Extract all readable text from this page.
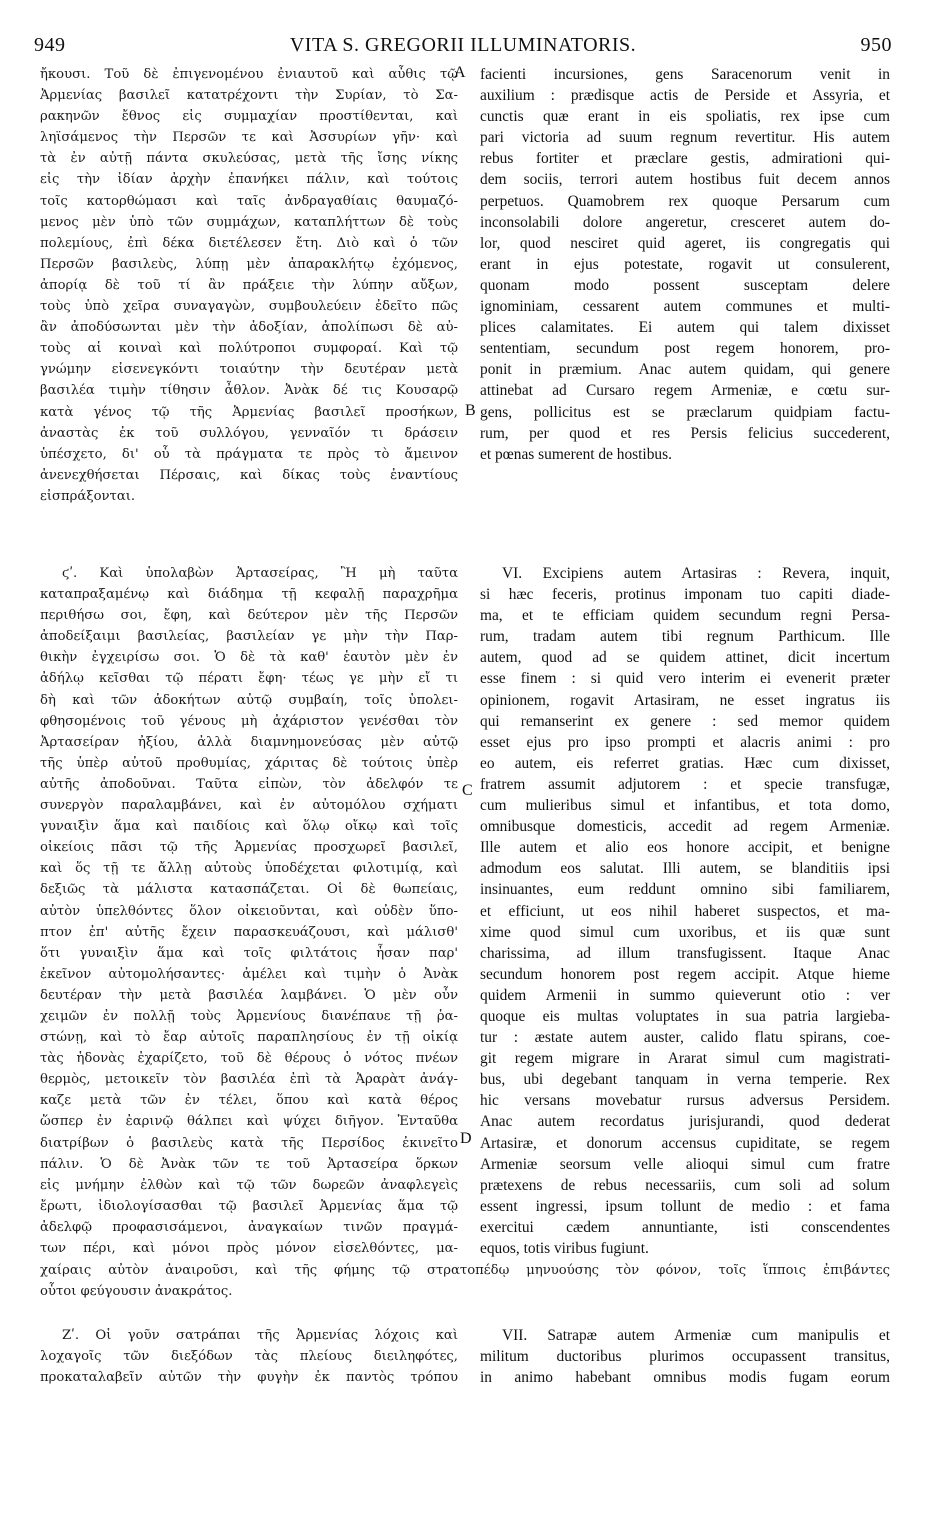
VITA S. GREGORII ILLUMINATORIS.
949	950
ἤκουσι. Τοῦ δὲ ἐπιγενομένου ἐνιαυτοῦ καὶ αὖθις τῷ
Ἀρμενίας βασιλεῖ κατατρέχοντι τὴν Συρίαν, τὸ Σα-
ρακηνῶν ἔθνος εἰς συμμαχίαν προστίθενται, καὶ
ληϊσάμενος τὴν Περσῶν τε καὶ Ἀσσυρίων γῆν· καὶ
τὰ ἐν αὐτῇ πάντα σκυλεύσας, μετὰ τῆς ἴσης νίκης
εἰς τὴν ἰδίαν ἀρχὴν ἐπανήκει πάλιν, καὶ τούτοις
τοῖς κατορθώμασι καὶ ταῖς ἀνδραγαθίαις θαυμαζό-
μενος μὲν ὑπὸ τῶν συμμάχων, καταπλήττων δὲ τοὺς
πολεμίους, ἐπὶ δέκα διετέλεσεν ἔτη. Διὸ καὶ ὁ τῶν
Περσῶν βασιλεὺς, λύπῃ μὲν ἀπαρακλήτῳ ἐχόμενος,
ἀπορίᾳ δὲ τοῦ τί ἂν πράξειε τὴν λύπην αὔξων,
τοὺς ὑπὸ χεῖρα συναγαγὼν, συμβουλεύειν ἐδεῖτο πῶς
ἂν ἀποδύσωνται μὲν τὴν ἀδοξίαν, ἀπολίπωσι δὲ αὐ-
τοὺς αἱ κοιναὶ καὶ πολύτροποι συμφοραί. Καὶ τῷ
γνώμην εἰσενεγκόντι τοιαύτην τὴν δευτέραν μετὰ
βασιλέα τιμὴν τίθησιν ἆθλον. Ἀνὰκ δέ τις Κουσαρῷ
κατὰ γένος τῷ τῆς Ἀρμενίας βασιλεῖ προσήκων,
ἀναστὰς ἐκ τοῦ συλλόγου, γενναῖόν τι δράσειν
ὑπέσχετο, δι' οὗ τὰ πράγματα τε πρὸς τὸ ἄμεινον
ἀνενεχθήσεται Πέρσαις, καὶ δίκας τοὺς ἐναντίους
εἰσπράξονται.
ϛʹ. Καὶ ὑπολαβὼν Ἀρτασείρας, Ἢ μὴ ταῦτα
καταπραξαμένῳ καὶ διάδημα τῇ κεφαλῇ παραχρῆμα
περιθήσω σοι, ἔφη, καὶ δεύτερον μὲν τῆς Περσῶν
ἀποδείξαιμι βασιλείας, βασιλείαν γε μὴν τὴν Παρ-
θικὴν ἐγχειρίσω σοι. Ὁ δὲ τὰ καθ' ἑαυτὸν μὲν ἐν
ἀδήλῳ κεῖσθαι τῷ πέρατι ἔφη· τέως γε μὴν εἴ τι
δὴ καὶ τῶν ἀδοκήτων αὐτῷ συμβαίη, τοῖς ὑπολει-
φθησομένοις τοῦ γένους μὴ ἀχάριστον γενέσθαι τὸν
Ἀρτασείραν ἠξίου, ἀλλὰ διαμνημονεύσας μὲν αὐτῷ
τῆς ὑπὲρ αὐτοῦ προθυμίας, χάριτας δὲ τούτοις ὑπὲρ
αὐτῆς ἀποδοῦναι. Ταῦτα εἰπὼν, τὸν ἀδελφόν τε
συνεργὸν παραλαμβάνει, καὶ ἐν αὐτομόλου σχήματι
γυναιξὶν ἅμα καὶ παιδίοις καὶ ὅλῳ οἴκῳ καὶ τοῖς
οἰκείοις πᾶσι τῷ τῆς Ἀρμενίας προσχωρεῖ βασιλεῖ,
καὶ ὅς τῇ τε ἄλλῃ αὐτοὺς ὑποδέχεται φιλοτιμίᾳ, καὶ
δεξιῶς τὰ μάλιστα κατασπάζεται. Οἱ δὲ θωπείαις,
αὐτὸν ὑπελθόντες ὅλον οἰκειοῦνται, καὶ οὐδὲν ὕπο-
πτον ἐπ' αὐτῆς ἔχειν παρασκευάζουσι, καὶ μάλισθ'
ὅτι γυναιξὶν ἅμα καὶ τοῖς φιλτάτοις ἦσαν παρ'
ἐκεῖνον αὐτομολήσαντες· ἀμέλει καὶ τιμὴν ὁ Ἀνὰκ
δευτέραν τὴν μετὰ βασιλέα λαμβάνει. Ὁ μὲν οὖν
χειμῶν ἐν πολλῇ τοὺς Ἀρμενίους διανέπαυε τῇ ῥα-
στώνῃ, καὶ τὸ ἔαρ αὐτοῖς παραπλησίους ἐν τῇ οἰκίᾳ
τὰς ἡδονὰς ἐχαρίζετο, τοῦ δὲ θέρους ὁ νότος πνέων
θερμὸς, μετοικεῖν τὸν βασιλέα ἐπὶ τὰ Ἀραρὰτ ἀνάγ-
καζε μετὰ τῶν ἐν τέλει, ὅπου καὶ κατὰ θέρος
ὥσπερ ἐν ἐαρινῷ θάλπει καὶ ψύχει διῆγον. Ἐνταῦθα
διατρίβων ὁ βασιλεὺς κατὰ τῆς Περσίδος ἐκινεῖτο
πάλιν. Ὁ δὲ Ἀνὰκ τῶν τε τοῦ Ἀρτασείρα ὅρκων
εἰς μνήμην ἐλθὼν καὶ τῷ τῶν δωρεῶν ἀναφλεγεὶς
ἔρωτι, ἰδιολογίσασθαι τῷ βασιλεῖ Ἀρμενίας ἅμα τῷ
ἀδελφῷ προφασισάμενοι, ἀναγκαίων τινῶν πραγμά-
των πέρι, καὶ μόνοι πρὸς μόνον εἰσελθόντες, μα-
χαίραις αὐτὸν ἀναιροῦσι, καὶ τῆς φήμης τῷ στρατοπέδῳ μηνυούσης τὸν φόνον, τοῖς ἵπποις ἐπιβάντες
οὗτοι φεύγουσιν ἀνακράτος.
Ζʹ. Οἱ γοῦν σατράπαι τῆς Ἀρμενίας λόχοις καὶ
λοχαγοῖς τῶν διεξόδων τὰς πλείους διειληφότες,
προκαταλαβεῖν αὐτῶν τὴν φυγὴν ἐκ παντὸς τρόπου
facienti incursiones, gens Saracenorum venit in
auxilium : prædisque actis de Perside et Assyria, et
cunctis quæ erant in eis spoliatis, rex ipse cum
pari victoria ad suum regnum revertitur. His autem
rebus fortiter et præclare gestis, admirationi qui-
dem sociis, terrori autem hostibus fuit decem annos
perpetuos. Quamobrem rex quoque Persarum cum
inconsolabili dolore angeretur, cresceret autem do-
lor, quod nesciret quid ageret, iis congregatis qui
erant in ejus potestate, rogavit ut consulerent,
quonam modo possent susceptam delere
ignominiam, cessarent autem communes et multi-
plices calamitates. Ei autem qui talem dixisset
sententiam, secundum post regem honorem, pro-
ponit in præmium. Anac autem quidam, qui genere
attinebat ad Cursaro regem Armeniæ, e cœtu sur-
gens, pollicitus est se præclarum quidpiam factu-
rum, per quod et res Persis felicius succederent,
et pœnas sumerent de hostibus.
VI. Excipiens autem Artasiras : Revera, inquit,
si hæc feceris, protinus imponam tuo capiti diade-
ma, et te efficiam quidem secundum regni Persa-
rum, tradam autem tibi regnum Parthicum. Ille
autem, quod ad se quidem attinet, dicit incertum
esse finem : si quid vero interim ei evenerit præter
opinionem, rogavit Artasiram, ne esset ingratus iis
qui remanserint ex genere : sed memor quidem
esset ejus pro ipso prompti et alacris animi : pro
eo autem, eis referret gratias. Hæc cum dixisset,
fratrem assumit adjutorem : et specie transfugæ,
cum mulieribus simul et infantibus, et tota domo,
omnibusque domesticis, accedit ad regem Armeniæ.
Ille autem et alio eos honore accipit, et benigne
admodum eos salutat. Illi autem, se blanditiis ipsi
insinuantes, eum reddunt omnino sibi familiarem,
et efficiunt, ut eos nihil haberet suspectos, et ma-
xime quod simul cum uxoribus, et iis quæ sunt
charissima, ad illum transfugissent. Itaque Anac
secundum honorem post regem accipit. Atque hieme
quidem Armenii in summo quieverunt otio : ver
quoque eis multas voluptates in sua patria largieba-
tur : æstate autem auster, calido flatu spirans, coe-
git regem migrare in Ararat simul cum magistrati-
bus, ubi degebant tanquam in verna temperie. Rex
hic versans movebatur rursus adversus Persidem.
Anac autem recordatus jurisjurandi, quod dederat
Artasiræ, et donorum accensus cupiditate, se regem
Armeniæ seorsum velle alioqui simul cum fratre
prætexens de rebus necessariis, cum soli ad solum
essent ingressi, ipsum tollunt de medio : et fama
exercitui cædem annuntiante, isti conscendentes
equos, totis viribus fugiunt.
VII. Satrapæ autem Armeniæ cum manipulis et
militum ductoribus plurimos occupassent transitus,
in animo habebant omnibus modis fugam eorum
A
B
C
D
